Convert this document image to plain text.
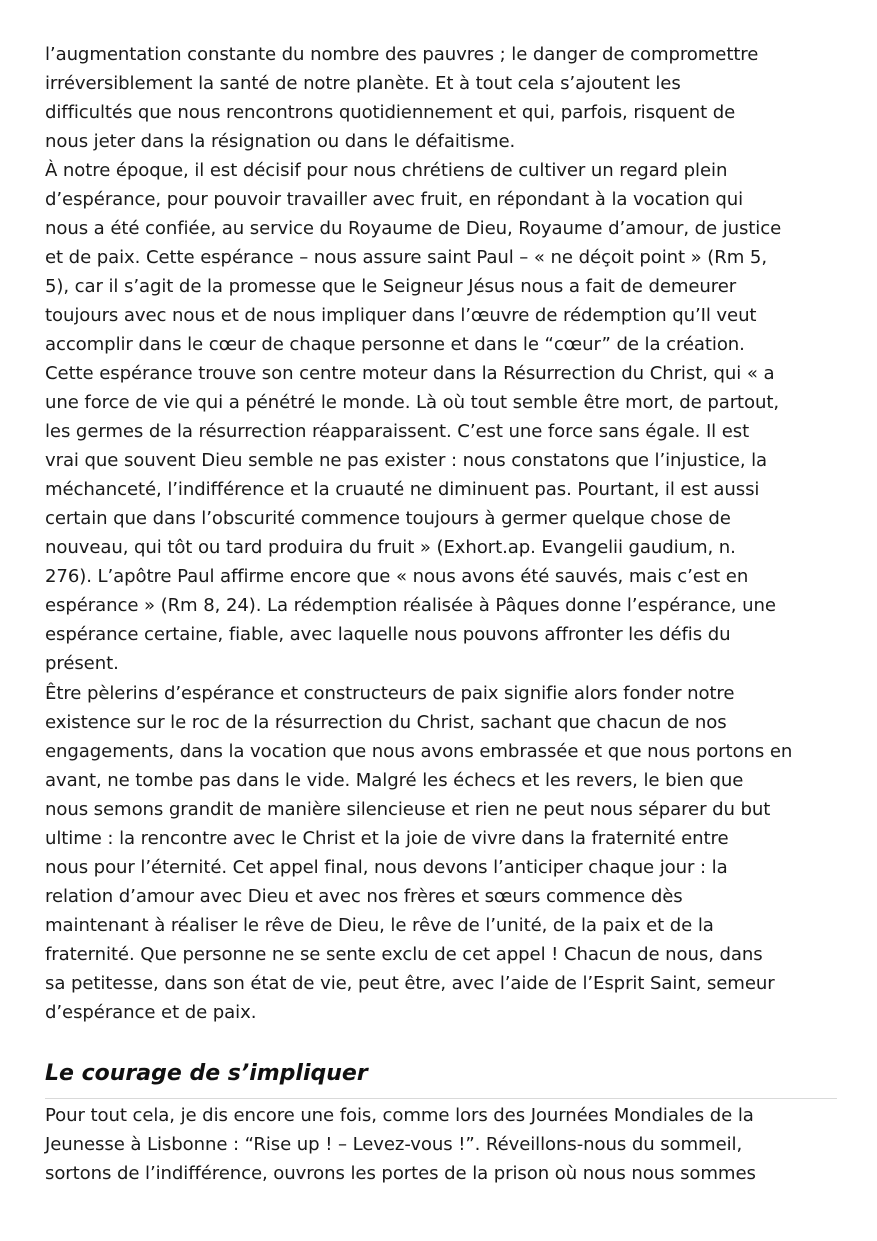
l’augmentation constante du nombre des pauvres ; le danger de compromettre
irréversiblement la santé de notre planète. Et à tout cela s’ajoutent les
difficultés que nous rencontrons quotidiennement et qui, parfois, risquent de
nous jeter dans la résignation ou dans le défaitisme.
À notre époque, il est décisif pour nous chrétiens de cultiver un regard plein
d’espérance, pour pouvoir travailler avec fruit, en répondant à la vocation qui
nous a été confiée, au service du Royaume de Dieu, Royaume d’amour, de justice
et de paix. Cette espérance – nous assure saint Paul – « ne déçoit point » (Rm 5,
5), car il s’agit de la promesse que le Seigneur Jésus nous a fait de demeurer
toujours avec nous et de nous impliquer dans l’œuvre de rédemption qu’Il veut
accomplir dans le cœur de chaque personne et dans le “cœur” de la création.
Cette espérance trouve son centre moteur dans la Résurrection du Christ, qui « a
une force de vie qui a pénétré le monde. Là où tout semble être mort, de partout,
les germes de la résurrection réapparaissent. C’est une force sans égale. Il est
vrai que souvent Dieu semble ne pas exister : nous constatons que l’injustice, la
méchanceté, l’indifférence et la cruauté ne diminuent pas. Pourtant, il est aussi
certain que dans l’obscurité commence toujours à germer quelque chose de
nouveau, qui tôt ou tard produira du fruit » (Exhort.ap. Evangelii gaudium, n.
276). L’apôtre Paul affirme encore que « nous avons été sauvés, mais c’est en
espérance » (Rm 8, 24). La rédemption réalisée à Pâques donne l’espérance, une
espérance certaine, fiable, avec laquelle nous pouvons affronter les défis du
présent.
Être pèlerins d’espérance et constructeurs de paix signifie alors fonder notre
existence sur le roc de la résurrection du Christ, sachant que chacun de nos
engagements, dans la vocation que nous avons embrassée et que nous portons en
avant, ne tombe pas dans le vide. Malgré les échecs et les revers, le bien que
nous semons grandit de manière silencieuse et rien ne peut nous séparer du but
ultime : la rencontre avec le Christ et la joie de vivre dans la fraternité entre
nous pour l’éternité. Cet appel final, nous devons l’anticiper chaque jour : la
relation d’amour avec Dieu et avec nos frères et sœurs commence dès
maintenant à réaliser le rêve de Dieu, le rêve de l’unité, de la paix et de la
fraternité. Que personne ne se sente exclu de cet appel ! Chacun de nous, dans
sa petitesse, dans son état de vie, peut être, avec l’aide de l’Esprit Saint, semeur
d’espérance et de paix.
Le courage de s’impliquer
Pour tout cela, je dis encore une fois, comme lors des Journées Mondiales de la
Jeunesse à Lisbonne : “Rise up ! – Levez-vous !”. Réveillons-nous du sommeil,
sortons de l’indifférence, ouvrons les portes de la prison où nous nous sommes
